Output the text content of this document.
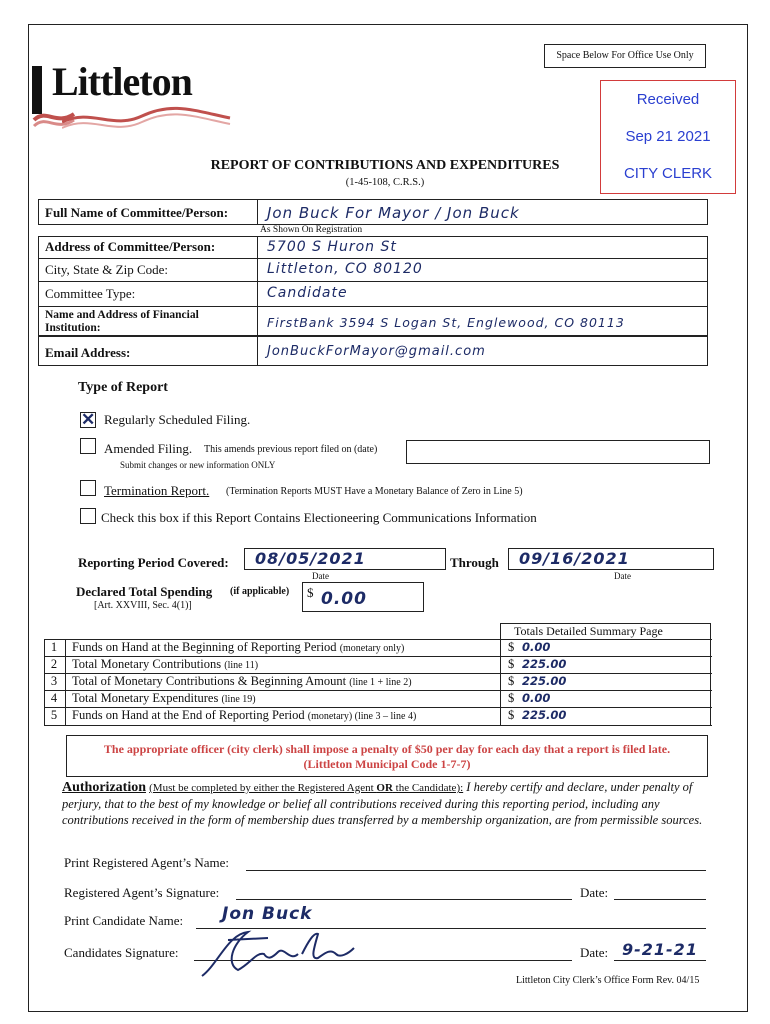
Space Below For Office Use Only
Received
Sep 21 2021
CITY CLERK
Littleton
REPORT OF CONTRIBUTIONS AND EXPENDITURES
(1-45-108, C.R.S.)
Full Name of Committee/Person:	Jon Buck For Mayor / Jon Buck
As Shown On Registration
Address of Committee/Person:	5700 S Huron St
City, State & Zip Code:	Littleton, CO 80120
Committee Type:	Candidate
Name and Address of Financial
Institution:	FirstBank 3594 S Logan St, Englewood, CO 80113
Email Address:	JonBuckForMayor@gmail.com
Type of Report
✕ Regularly Scheduled Filing.
Amended Filing. This amends previous report filed on (date)
Submit changes or new information ONLY
Termination Report. (Termination Reports MUST Have a Monetary Balance of Zero in Line 5)
Check this box if this Report Contains Electioneering Communications Information
Reporting Period Covered:	08/05/2021
Date
Through	09/16/2021
Date
Declared Total Spending (if applicable)
[Art. XXVIII, Sec. 4(1)]
$ 0.00
Totals Detailed Summary Page
1	Funds on Hand at the Beginning of Reporting Period (monetary only)	$ 0.00
2	Total Monetary Contributions (line 11)	$ 225.00
3	Total of Monetary Contributions & Beginning Amount (line 1 + line 2)	$ 225.00
4	Total Monetary Expenditures (line 19)	$ 0.00
5	Funds on Hand at the End of Reporting Period (monetary) (line 3 – line 4)	$ 225.00
The appropriate officer (city clerk) shall impose a penalty of $50 per day for each day that a report is filed late.
(Littleton Municipal Code 1-7-7)
Authorization (Must be completed by either the Registered Agent OR the Candidate): I hereby certify and declare, under penalty of perjury, that to the best of my knowledge or belief all contributions received during this reporting period, including any contributions received in the form of membership dues transferred by a membership organization, are from permissible sources.
Print Registered Agent’s Name:
Registered Agent’s Signature:	Date:
Print Candidate Name: Jon Buck
Candidates Signature:	Date: 9-21-21
Littleton City Clerk’s Office Form Rev. 04/15
